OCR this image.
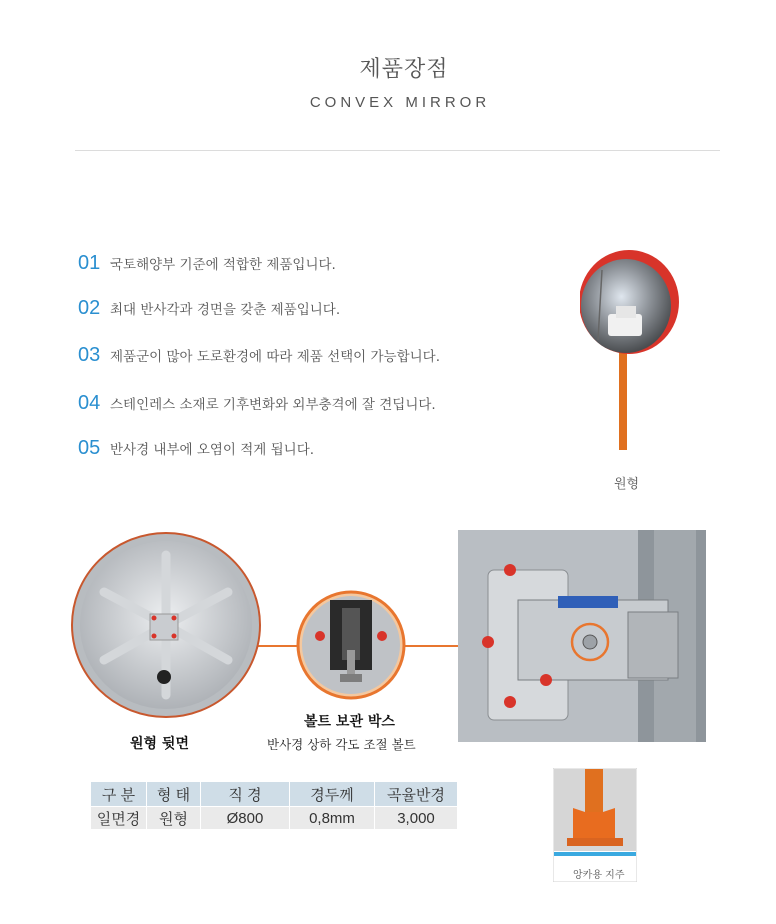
제품장점
CONVEX MIRROR
01 국토해양부 기준에 적합한 제품입니다.
02 최대 반사각과 경면을 갖춘 제품입니다.
03 제품군이 많아 도로환경에 따라 제품 선택이 가능합니다.
04 스테인레스 소재로 기후변화와 외부충격에 잘 견딥니다.
05 반사경 내부에 오염이 적게 됩니다.
원형
원형 뒷면
볼트 보관 박스
반사경 상하 각도 조절 볼트
구 분	형 태	직 경	경두께	곡율반경
일면경	원형	Ø800	0,8mm	3,000
앙카용 지주
